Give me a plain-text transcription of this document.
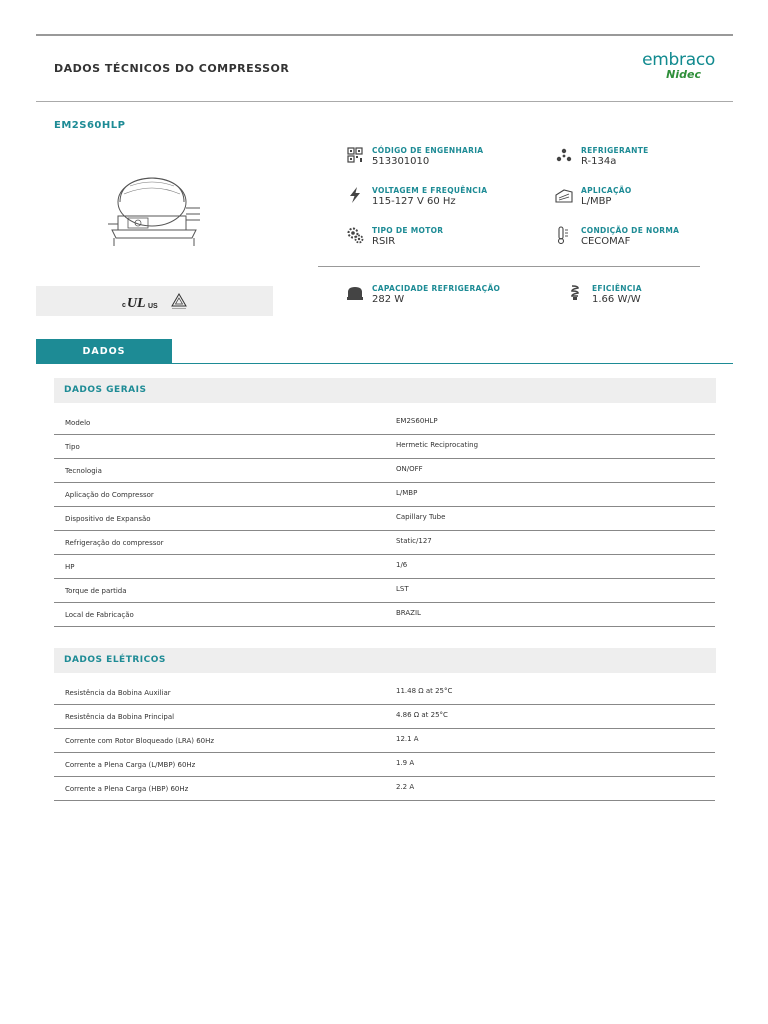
DADOS TÉCNICOS DO COMPRESSOR	embraco
Nidec
EM2S60HLP
c U L US
CÓDIGO DE ENGENHARIA
513301010
REFRIGERANTE
R-134a
VOLTAGEM E FREQUÊNCIA
115-127 V 60 Hz
APLICAÇÃO
L/MBP
TIPO DE MOTOR
RSIR
CONDIÇÃO DE NORMA
CECOMAF
CAPACIDADE REFRIGERAÇÃO
282 W
EFICIÊNCIA
1.66 W/W
DADOS
DADOS GERAIS
Modelo	EM2S60HLP
Tipo	Hermetic Reciprocating
Tecnologia	ON/OFF
Aplicação do Compressor	L/MBP
Dispositivo de Expansão	Capillary Tube
Refrigeração do compressor	Static/127
HP	1/6
Torque de partida	LST
Local de Fabricação	BRAZIL
DADOS ELÉTRICOS
Resistência da Bobina Auxiliar	11.48 Ω at 25°C
Resistência da Bobina Principal	4.86 Ω at 25°C
Corrente com Rotor Bloqueado (LRA) 60Hz	12.1 A
Corrente a Plena Carga (L/MBP) 60Hz	1.9 A
Corrente a Plena Carga (HBP) 60Hz	2.2 A
